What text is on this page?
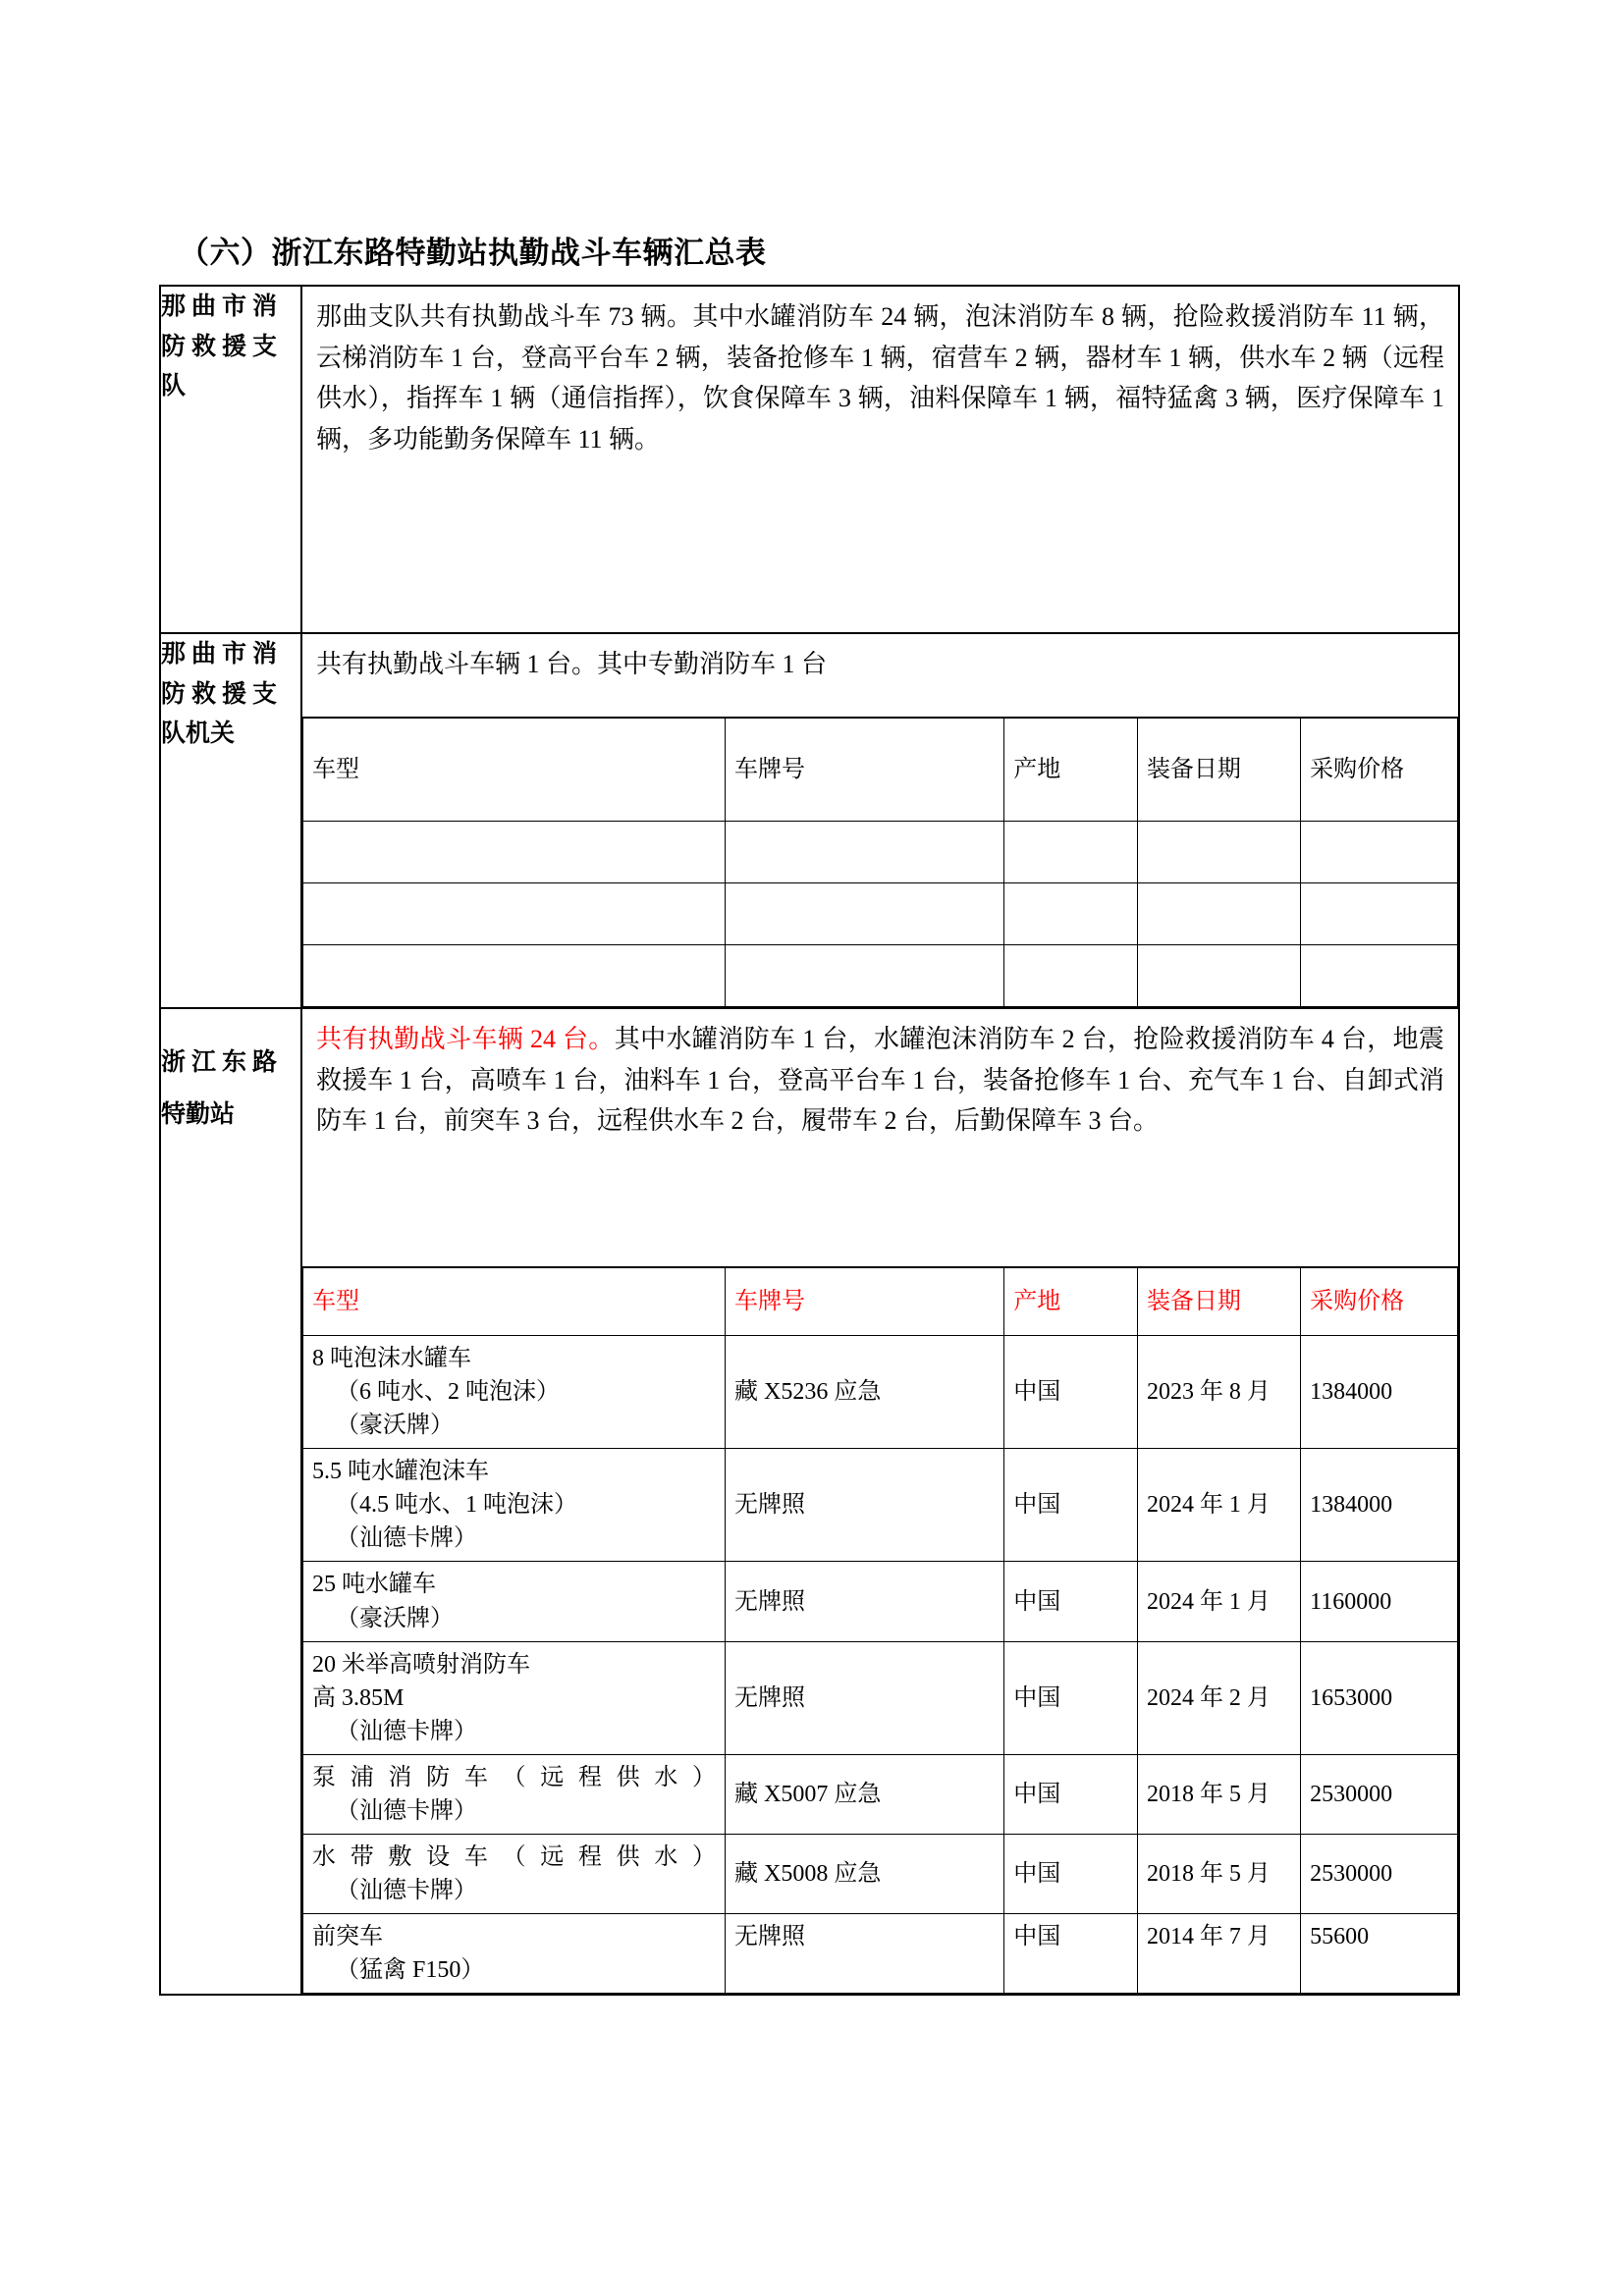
（六）浙江东路特勤站执勤战斗车辆汇总表
那曲市消
防救援支
队

那曲支队共有执勤战斗车 73 辆。其中水罐消防车 24 辆，泡沫消防车 8 辆，抢险救援消防车 11 辆，云梯消防车 1 台，登高平台车 2 辆，装备抢修车 1 辆，宿营车 2 辆，器材车 1 辆，供水车 2 辆（远程供水），指挥车 1 辆（通信指挥），饮食保障车 3 辆，油料保障车 1 辆，福特猛禽 3 辆，医疗保障车 1 辆，多功能勤务保障车 11 辆。

那曲市消
防救援支
队机关

共有执勤战斗车辆 1 台。其中专勤消防车 1 台
车型	车牌号	产地	装备日期	采购价格

浙江东路
特勤站

共有执勤战斗车辆 24 台。其中水罐消防车 1 台，水罐泡沫消防车 2 台，抢险救援消防车 4 台，地震救援车 1 台，高喷车 1 台，油料车 1 台，登高平台车 1 台，装备抢修车 1 台、充气车 1 台、自卸式消防车 1 台，前突车 3 台，远程供水车 2 台，履带车 2 台，后勤保障车 3 台。
车型	车牌号	产地	装备日期	采购价格

8 吨泡沫水罐车
（6 吨水、2 吨泡沫）
（豪沃牌）
	藏 X5236 应急	中国	2023 年 8 月	1384000

5.5 吨水罐泡沫车
（4.5 吨水、1 吨泡沫）
（汕德卡牌）
	无牌照	中国	2024 年 1 月	1384000

25 吨水罐车
（豪沃牌）
	无牌照	中国	2024 年 1 月	1160000

20 米举高喷射消防车
高 3.85M
（汕德卡牌）
	无牌照	中国	2024 年 2 月	1653000

泵浦消防车（远程供水）
（汕德卡牌）
	藏 X5007 应急	中国	2018 年 5 月	2530000

水带敷设车（远程供水）
（汕德卡牌）
	藏 X5008 应急	中国	2018 年 5 月	2530000

前突车
（猛禽 F150）
	无牌照	中国	2014 年 7 月	55600
